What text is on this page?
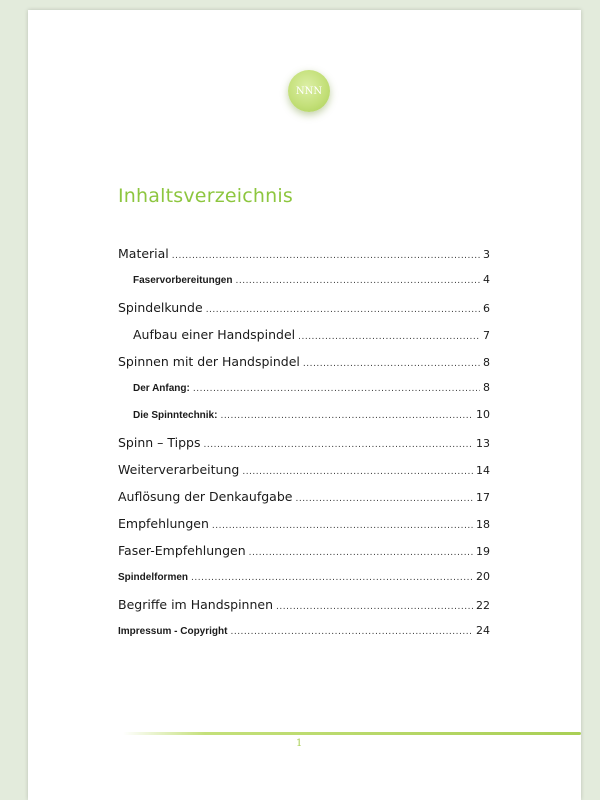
NNN
Inhaltsverzeichnis
Material .....	3
Faservorbereitungen .....	4
Spindelkunde .....	6
Aufbau einer Handspindel .....	7
Spinnen mit der Handspindel .....	8
Der Anfang: .....	8
Die Spinntechnik: .....	10
Spinn – Tipps .....	13
Weiterverarbeitung .....	14
Auflösung der Denkaufgabe .....	17
Empfehlungen .....	18
Faser-Empfehlungen .....	19
Spindelformen .....	20
Begriffe im Handspinnen .....	22
Impressum - Copyright .....	24
1
